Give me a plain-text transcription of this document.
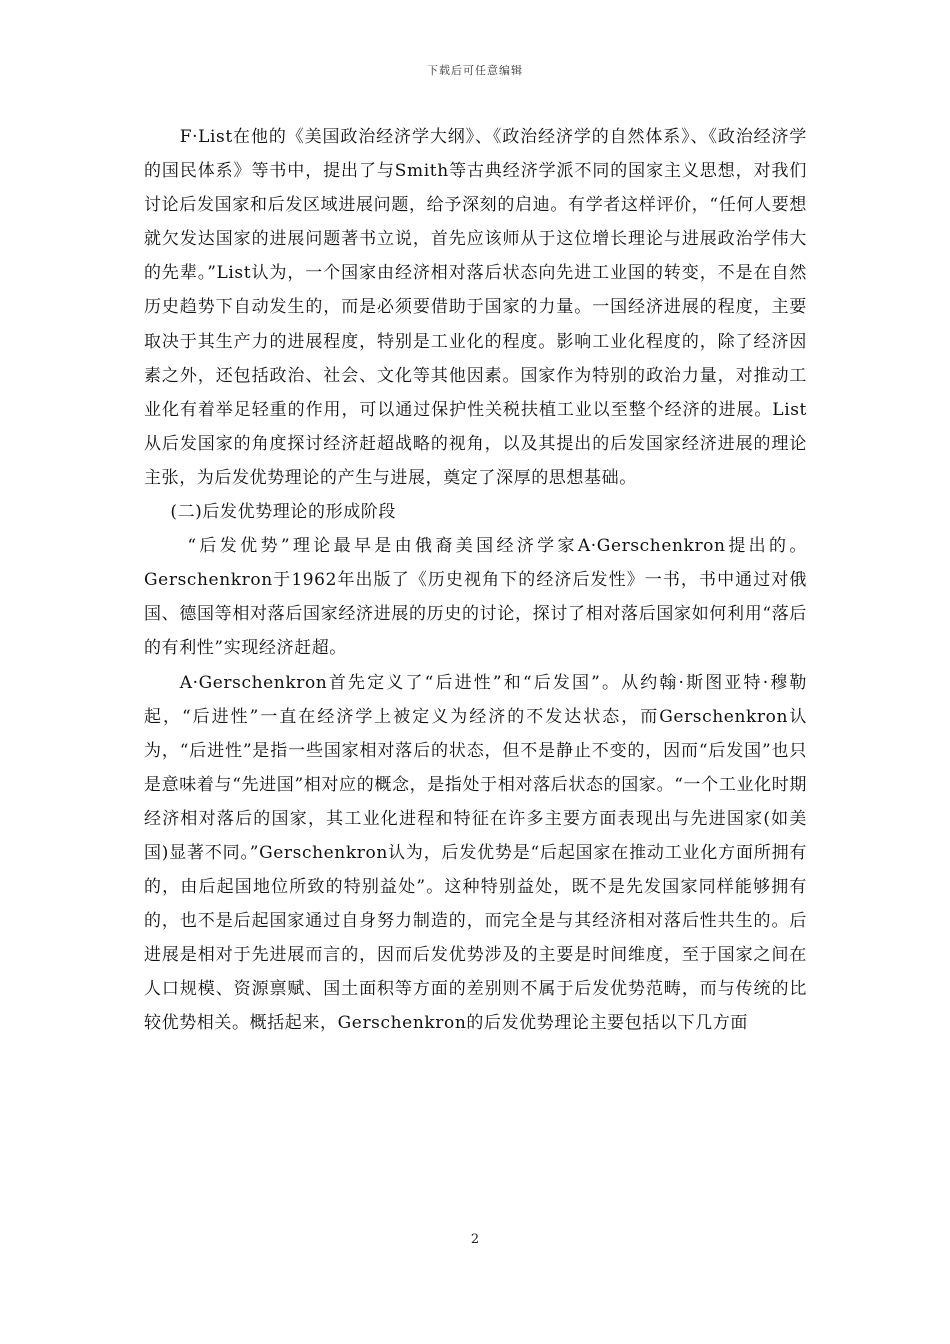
下载后可任意编辑

F·List在他的《美国政治经济学大纲》、《政治经济学的自然体系》、《政治经济学的国民体系》等书中，提出了与Smith等古典经济学派不同的国家主义思想，对我们讨论后发国家和后发区域进展问题，给予深刻的启迪。有学者这样评价，“任何人要想就欠发达国家的进展问题著书立说，首先应该师从于这位增长理论与进展政治学伟大的先辈。”List认为，一个国家由经济相对落后状态向先进工业国的转变，不是在自然历史趋势下自动发生的，而是必须要借助于国家的力量。一国经济进展的程度，主要取决于其生产力的进展程度，特别是工业化的程度。影响工业化程度的，除了经济因素之外，还包括政治、社会、文化等其他因素。国家作为特别的政治力量，对推动工业化有着举足轻重的作用，可以通过保护性关税扶植工业以至整个经济的进展。List从后发国家的角度探讨经济赶超战略的视角，以及其提出的后发国家经济进展的理论主张，为后发优势理论的产生与进展，奠定了深厚的思想基础。

(二)后发优势理论的形成阶段

“后发优势”理论最早是由俄裔美国经济学家A·Gerschenkron提出的。Gerschenkron于1962年出版了《历史视角下的经济后发性》一书，书中通过对俄国、德国等相对落后国家经济进展的历史的讨论，探讨了相对落后国家如何利用“落后的有利性”实现经济赶超。

A·Gerschenkron首先定义了“后进性”和“后发国”。从约翰·斯图亚特·穆勒起，“后进性”一直在经济学上被定义为经济的不发达状态，而Gerschenkron认为，“后进性”是指一些国家相对落后的状态，但不是静止不变的，因而“后发国”也只是意味着与“先进国”相对应的概念，是指处于相对落后状态的国家。“一个工业化时期经济相对落后的国家，其工业化进程和特征在许多主要方面表现出与先进国家(如美国)显著不同。”Gerschenkron认为，后发优势是“后起国家在推动工业化方面所拥有的，由后起国地位所致的特别益处”。这种特别益处，既不是先发国家同样能够拥有的，也不是后起国家通过自身努力制造的，而完全是与其经济相对落后性共生的。后进展是相对于先进展而言的，因而后发优势涉及的主要是时间维度，至于国家之间在人口规模、资源禀赋、国土面积等方面的差别则不属于后发优势范畴，而与传统的比较优势相关。概括起来，Gerschenkron的后发优势理论主要包括以下几方面

2
